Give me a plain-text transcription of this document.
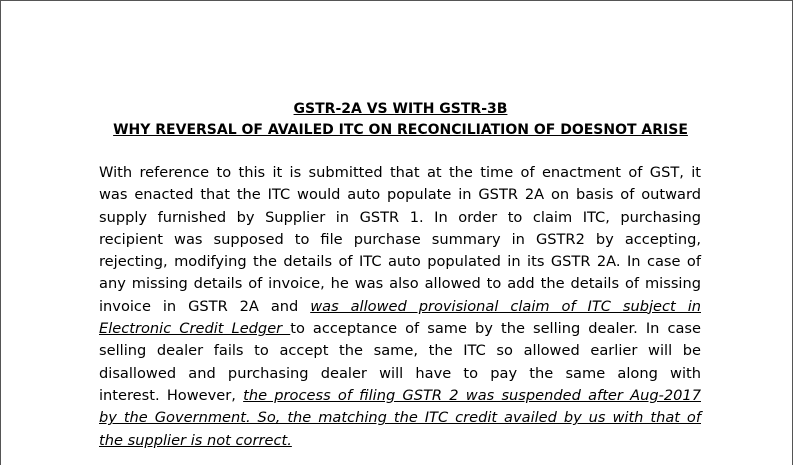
GSTR-2A VS WITH GSTR-3B
WHY REVERSAL OF AVAILED ITC ON RECONCILIATION OF DOESNOT ARISE
With reference to this it is submitted that at the time of enactment of GST, it
was enacted that the ITC would auto populate in GSTR 2A on basis of outward
supply furnished by Supplier in GSTR 1. In order to claim ITC, purchasing
recipient was supposed to file purchase summary in GSTR2 by accepting,
rejecting, modifying the details of ITC auto populated in its GSTR 2A. In case of
any missing details of invoice, he was also allowed to add the details of missing
invoice in GSTR 2A and was allowed provisional claim of ITC subject in
Electronic Credit Ledger to acceptance of same by the selling dealer. In case
selling dealer fails to accept the same, the ITC so allowed earlier will be
disallowed and purchasing dealer will have to pay the same along with
interest. However, the process of filing GSTR 2 was suspended after Aug-2017
by the Government. So, the matching the ITC credit availed by us with that of
the supplier is not correct.
